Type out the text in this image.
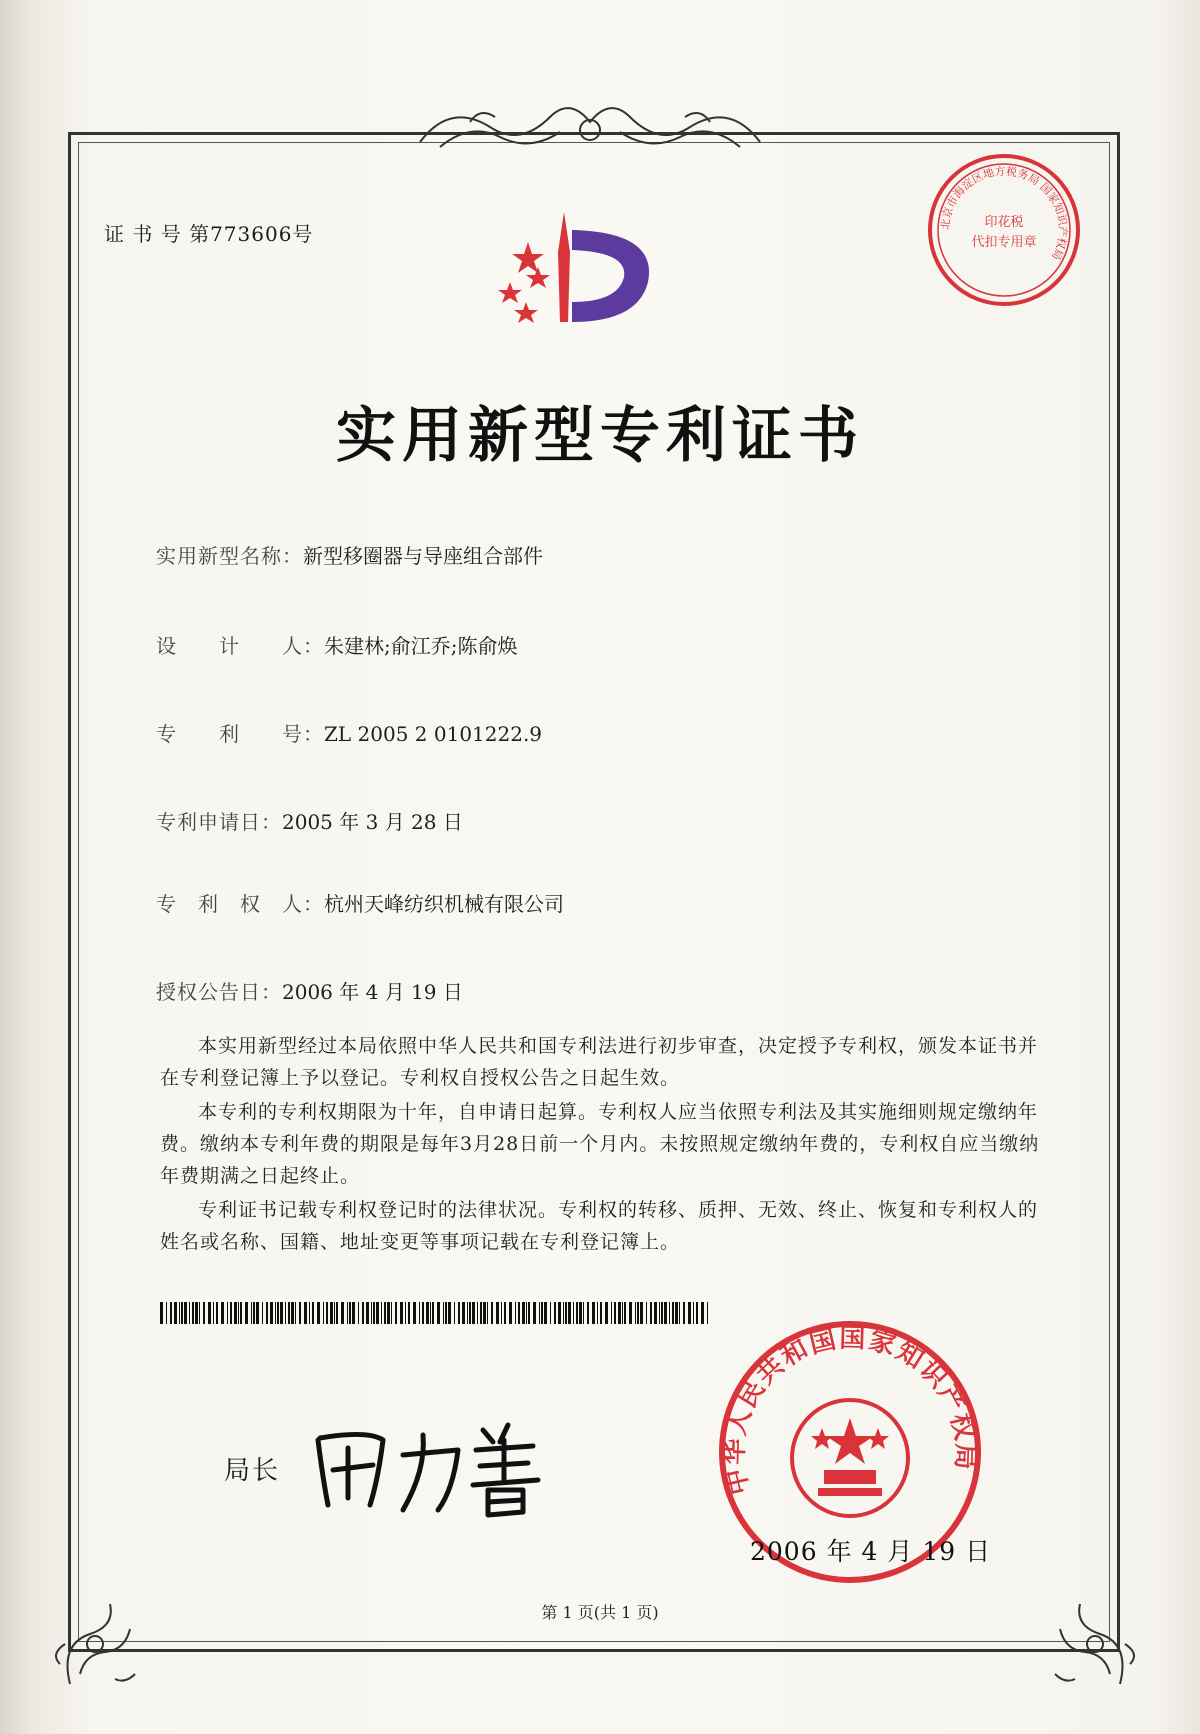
证 书 号 第773606号	北京市海淀区地方税务局 国家知识产权局
印花税
代扣专用章
实用新型专利证书
实用新型名称：新型移圈器与导座组合部件
设　　计　　人：朱建林;俞江乔;陈俞焕
专　　利　　号：ZL 2005 2 0101222.9
专利申请日：2005 年 3 月 28 日
专　利　权　人：杭州天峰纺织机械有限公司
授权公告日：2006 年 4 月 19 日

本实用新型经过本局依照中华人民共和国专利法进行初步审查，决定授予专利权，颁发本证书并在专利登记簿上予以登记。专利权自授权公告之日起生效。

本专利的专利权期限为十年，自申请日起算。专利权人应当依照专利法及其实施细则规定缴纳年费。缴纳本专利年费的期限是每年3月28日前一个月内。未按照规定缴纳年费的，专利权自应当缴纳年费期满之日起终止。

专利证书记载专利权登记时的法律状况。专利权的转移、质押、无效、终止、恢复和专利权人的姓名或名称、国籍、地址变更等事项记载在专利登记簿上。

局长	中华人民共和国国家知识产权局
2006 年 4 月 19 日
第 1 页(共 1 页)
